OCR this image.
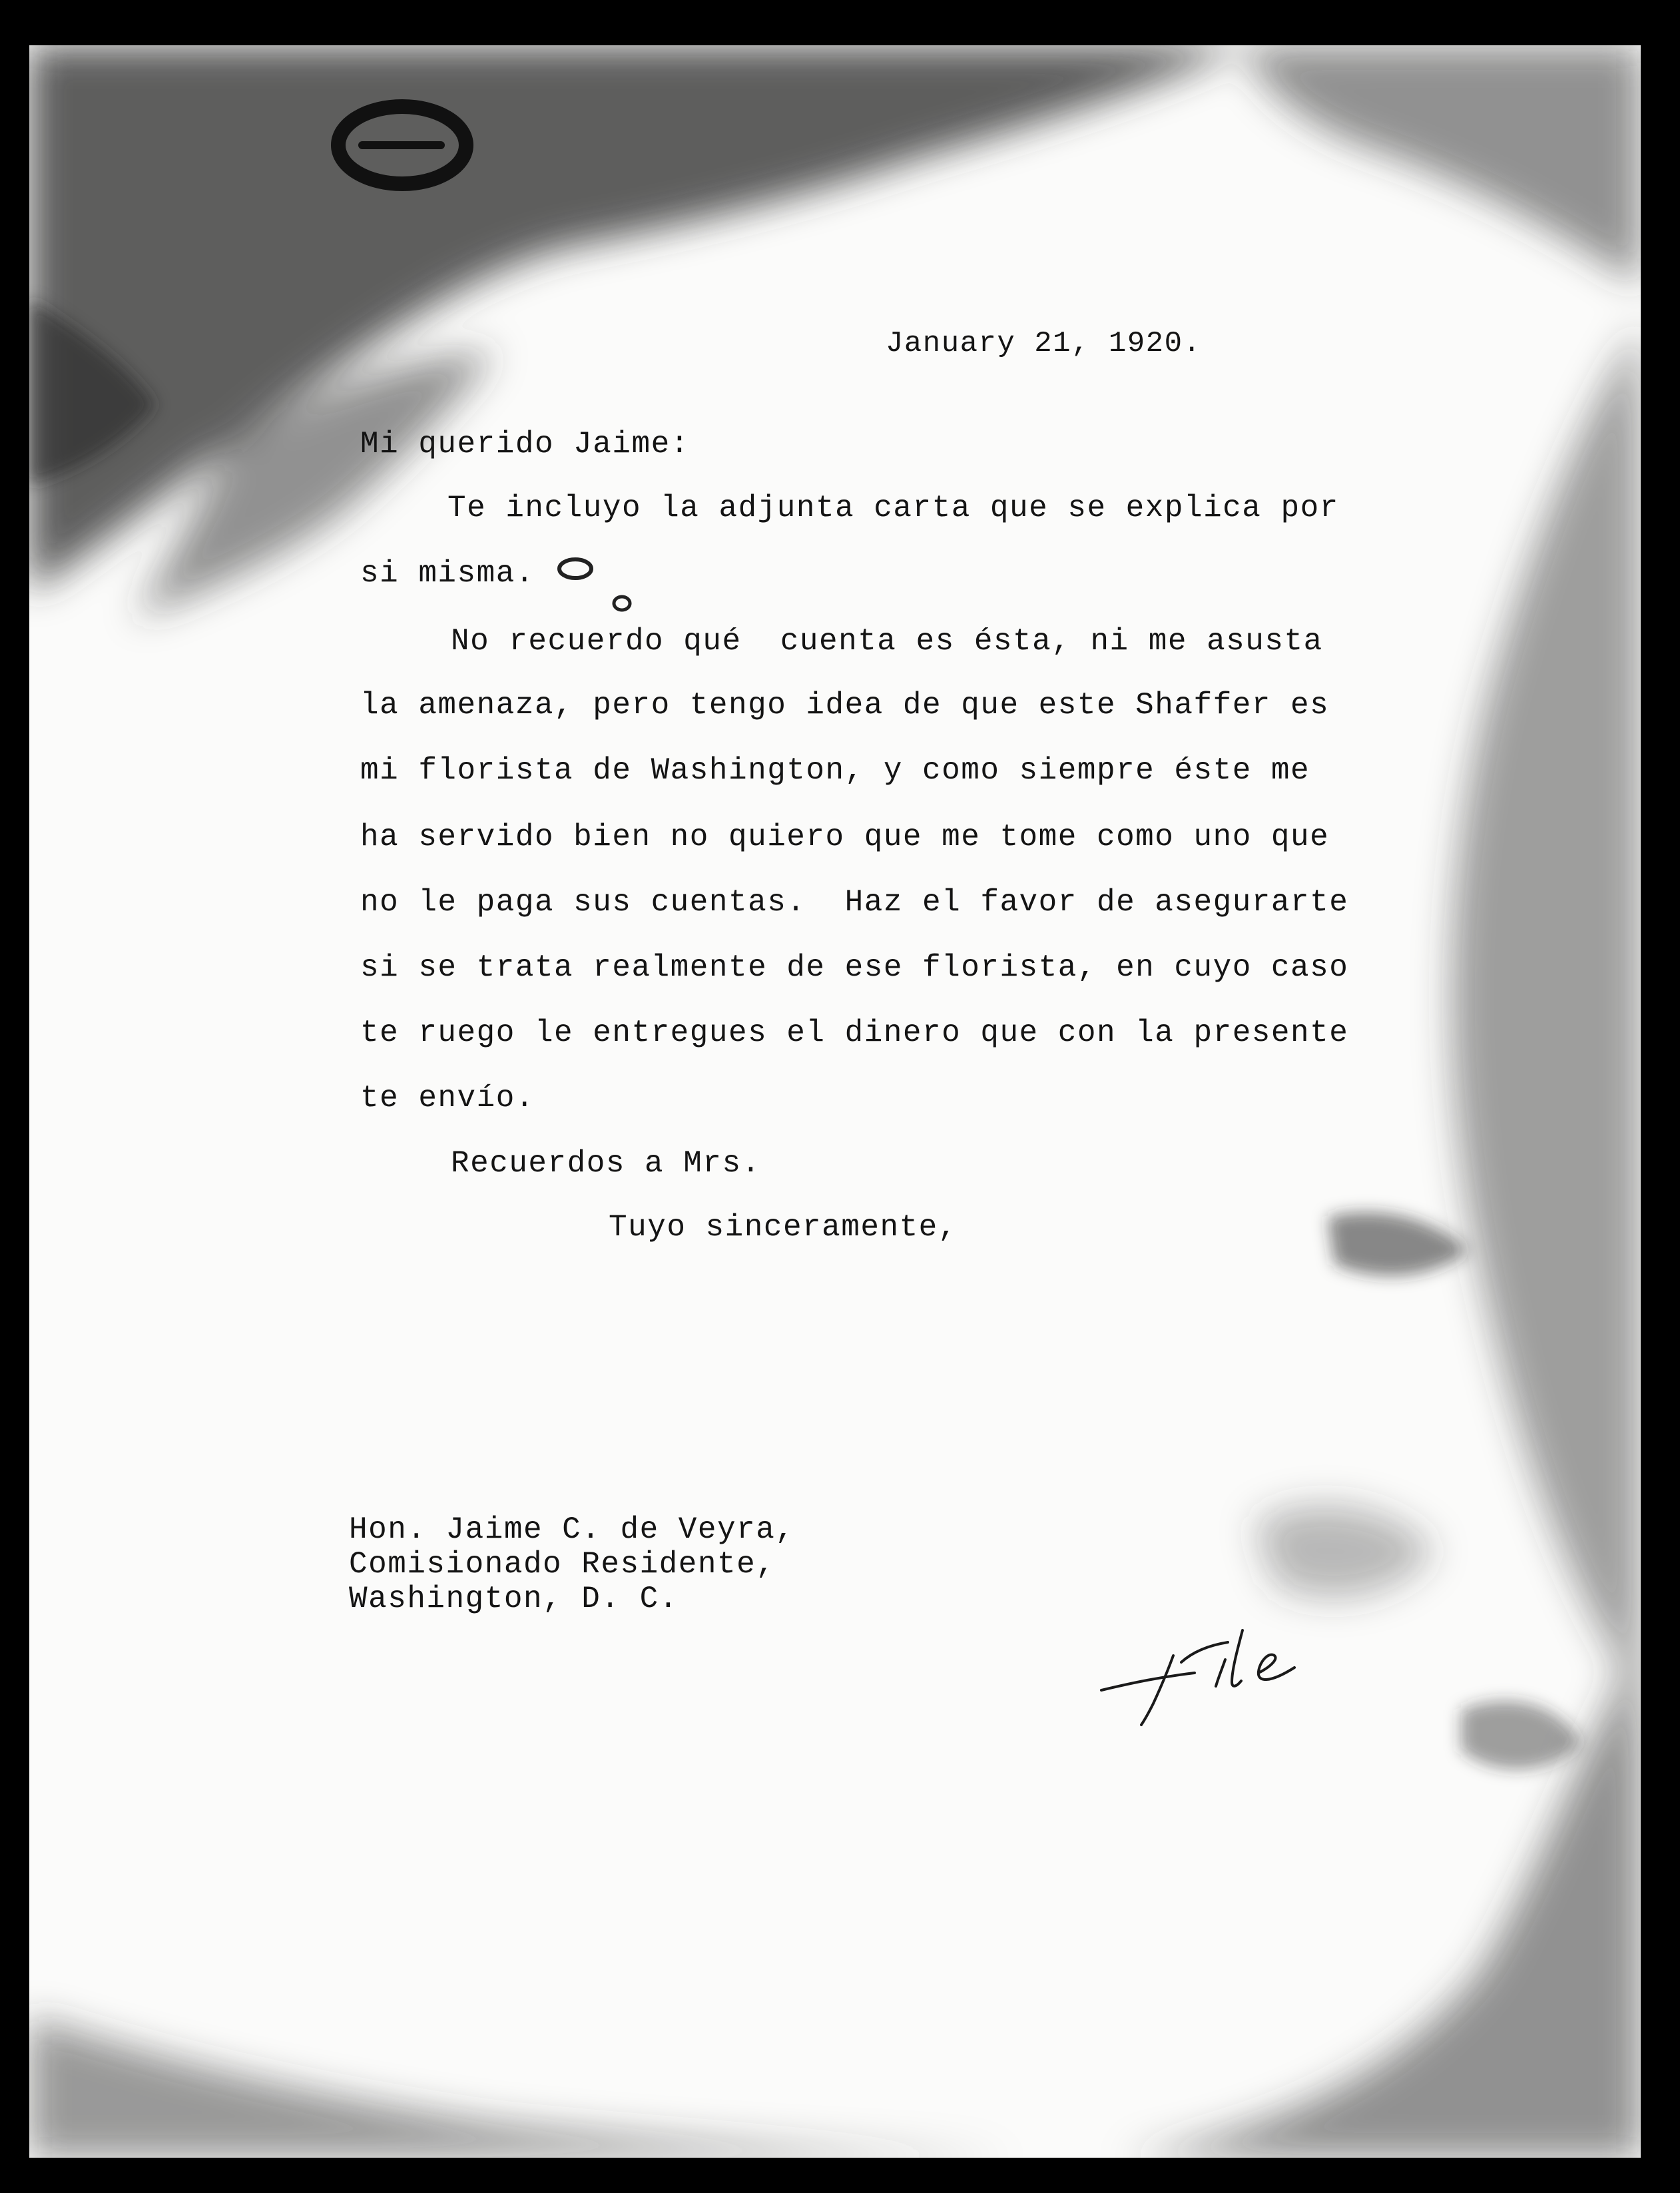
January 21, 1920.
Mi querido Jaime:
Te incluyo la adjunta carta que se explica por
si misma.
No recuerdo qué  cuenta es ésta, ni me asusta
la amenaza, pero tengo idea de que este Shaffer es
mi florista de Washington, y como siempre éste me
ha servido bien no quiero que me tome como uno que
no le paga sus cuentas.  Haz el favor de asegurarte
si se trata realmente de ese florista, en cuyo caso
te ruego le entregues el dinero que con la presente
te envío.
Recuerdos a Mrs.
Tuyo sinceramente,
Hon. Jaime C. de Veyra,
Comisionado Residente,
Washington, D. C.
